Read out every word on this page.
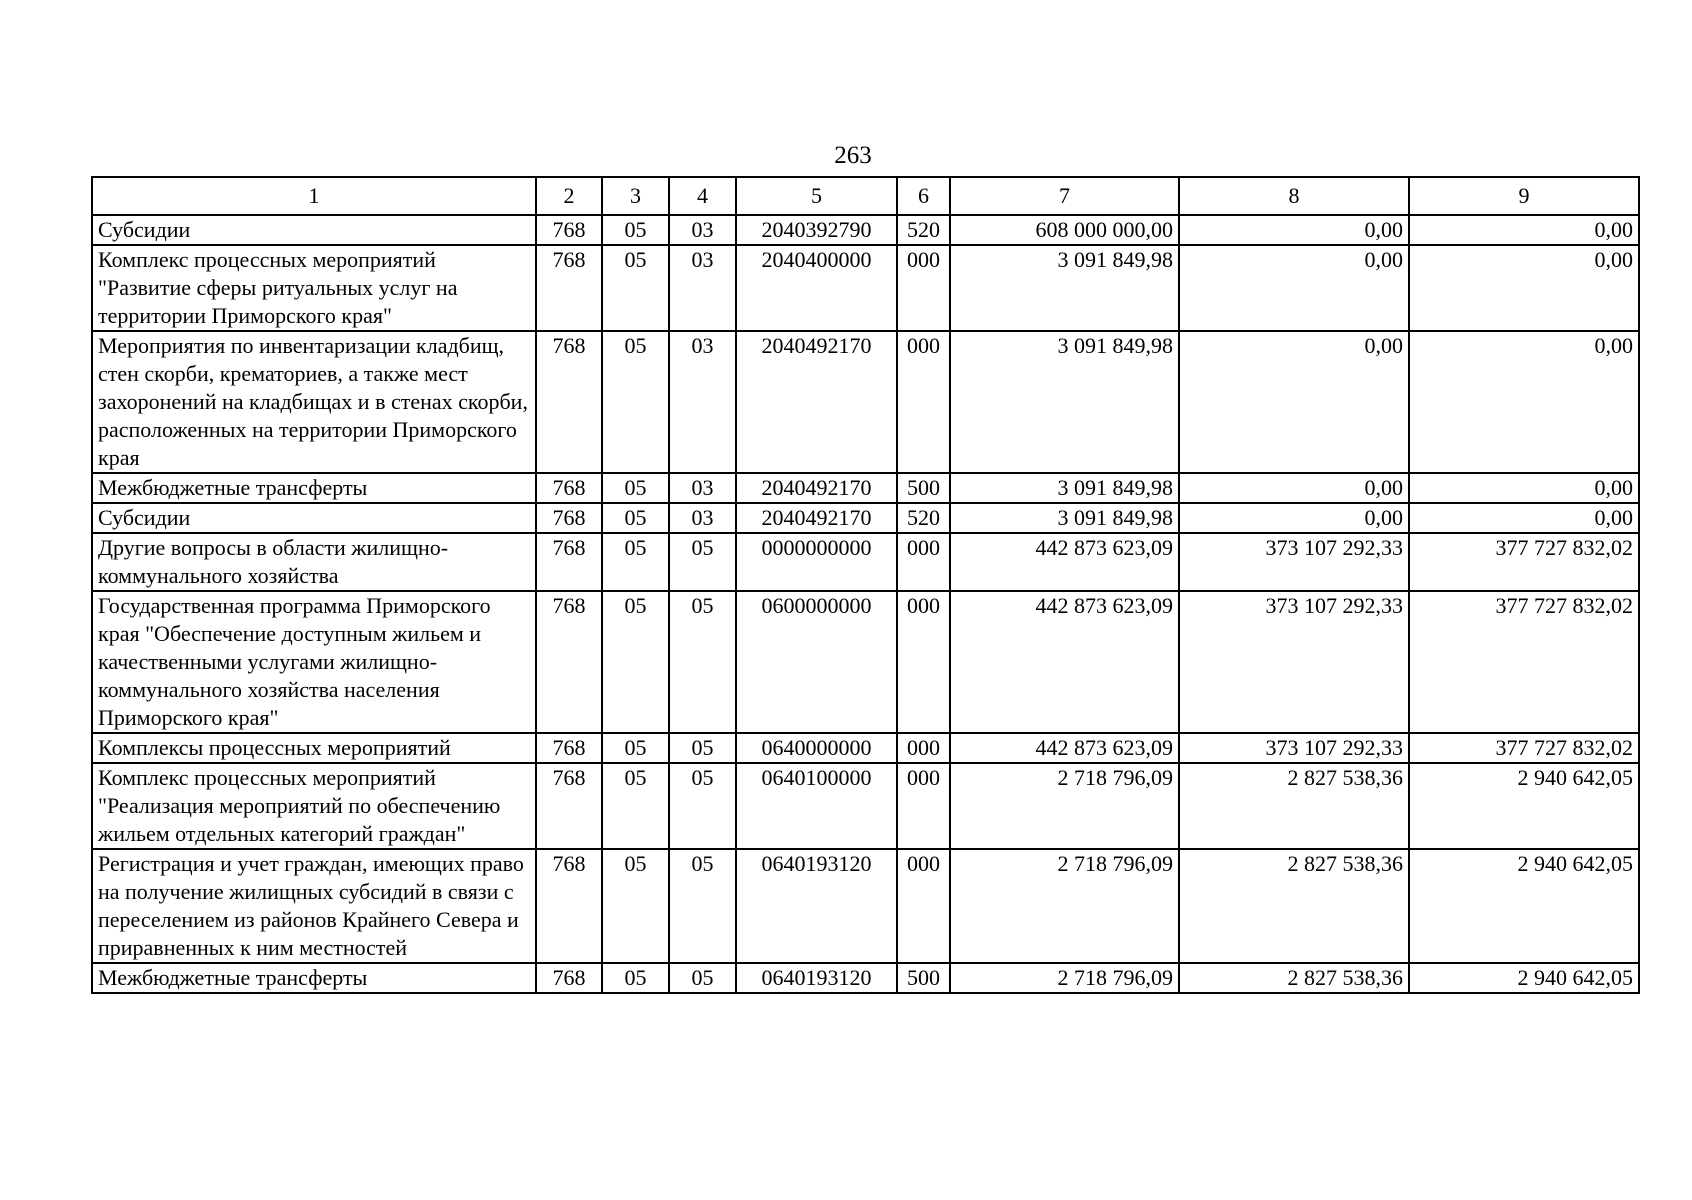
263
1	2	3	4	5	6	7	8	9
Субсидии	768	05	03	2040392790	520	608 000 000,00	0,00	0,00
Комплекс процессных мероприятий "Развитие сферы ритуальных услуг на территории Приморского края"	768	05	03	2040400000	000	3 091 849,98	0,00	0,00
Мероприятия по инвентаризации кладбищ, стен скорби, крематориев, а также мест захоронений на кладбищах и в стенах скорби, расположенных на территории Приморского края	768	05	03	2040492170	000	3 091 849,98	0,00	0,00
Межбюджетные трансферты	768	05	03	2040492170	500	3 091 849,98	0,00	0,00
Субсидии	768	05	03	2040492170	520	3 091 849,98	0,00	0,00
Другие вопросы в области жилищно-коммунального хозяйства	768	05	05	0000000000	000	442 873 623,09	373 107 292,33	377 727 832,02
Государственная программа Приморского края "Обеспечение доступным жильем и качественными услугами жилищно-коммунального хозяйства населения Приморского края"	768	05	05	0600000000	000	442 873 623,09	373 107 292,33	377 727 832,02
Комплексы процессных мероприятий	768	05	05	0640000000	000	442 873 623,09	373 107 292,33	377 727 832,02
Комплекс процессных мероприятий "Реализация мероприятий по обеспечению жильем отдельных категорий граждан"	768	05	05	0640100000	000	2 718 796,09	2 827 538,36	2 940 642,05
Регистрация и учет граждан, имеющих право на получение жилищных субсидий в связи с переселением из районов Крайнего Севера и приравненных к ним местностей	768	05	05	0640193120	000	2 718 796,09	2 827 538,36	2 940 642,05
Межбюджетные трансферты	768	05	05	0640193120	500	2 718 796,09	2 827 538,36	2 940 642,05
